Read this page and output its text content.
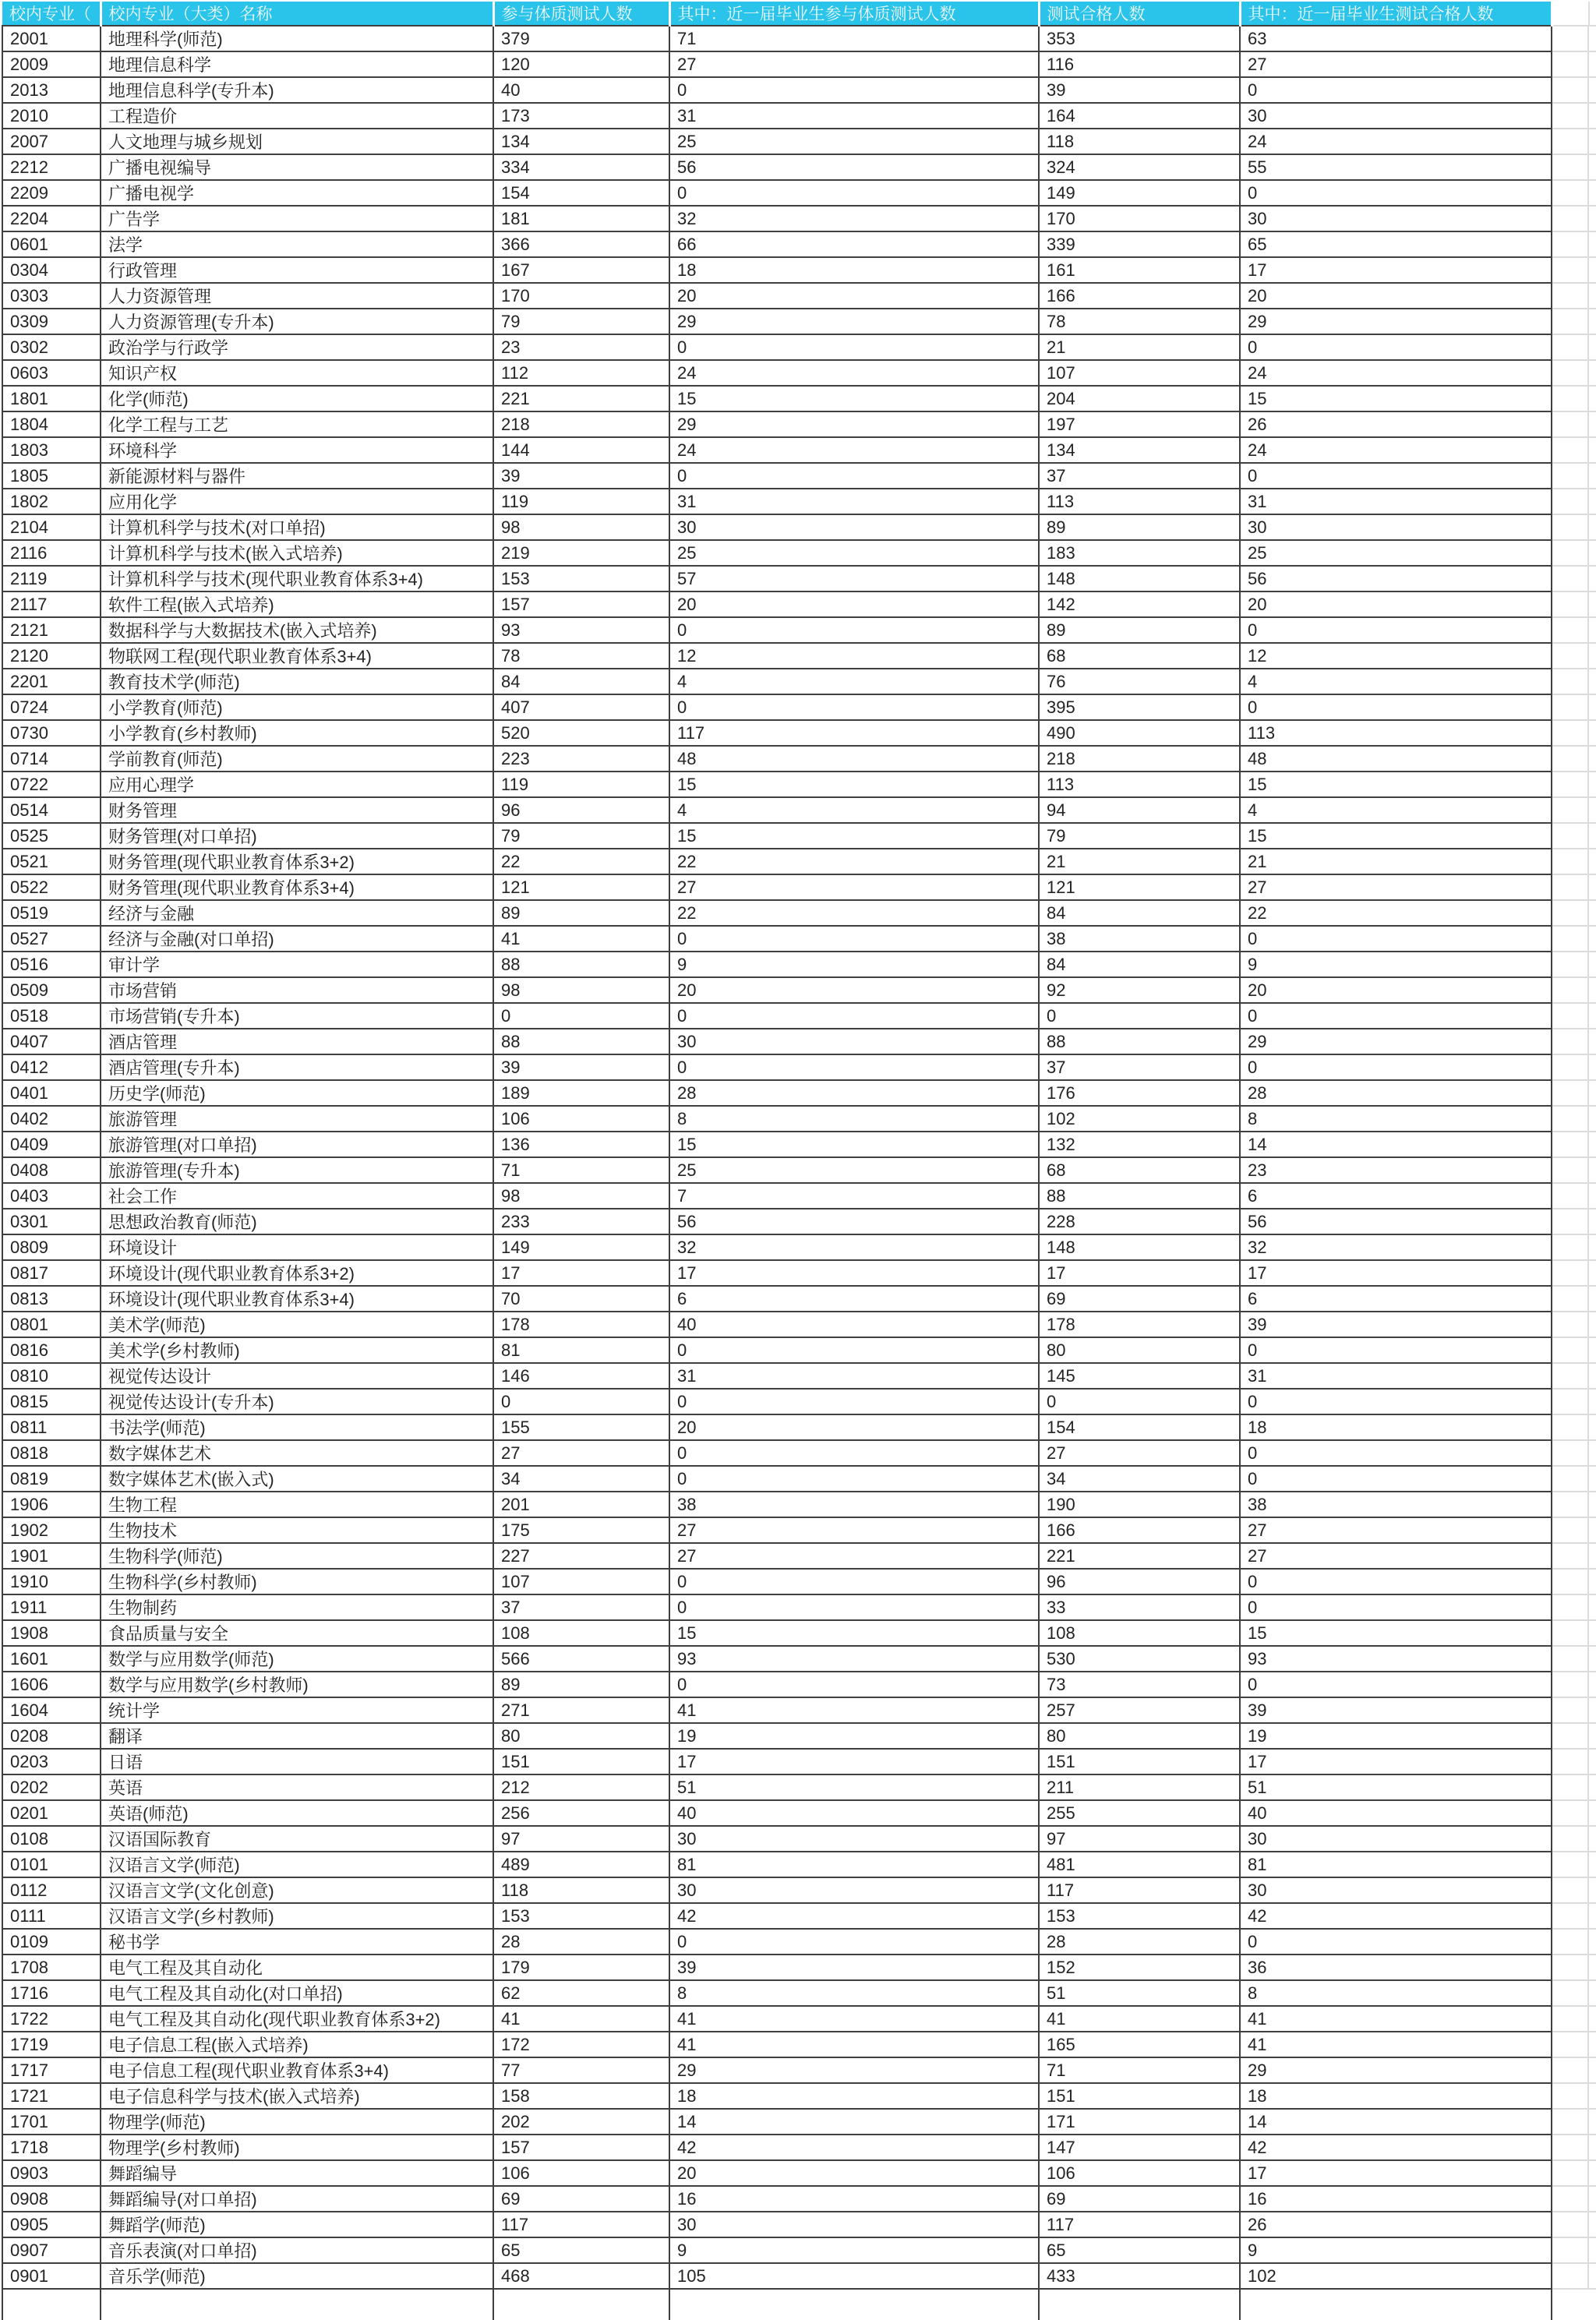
校内专业（	校内专业（大类）名称	参与体质测试人数	其中：近一届毕业生参与体质测试人数	测试合格人数	其中：近一届毕业生测试合格人数	
2001	地理科学(师范)	379	71	353	63	
2009	地理信息科学	120	27	116	27	
2013	地理信息科学(专升本)	40	0	39	0	
2010	工程造价	173	31	164	30	
2007	人文地理与城乡规划	134	25	118	24	
2212	广播电视编导	334	56	324	55	
2209	广播电视学	154	0	149	0	
2204	广告学	181	32	170	30	
0601	法学	366	66	339	65	
0304	行政管理	167	18	161	17	
0303	人力资源管理	170	20	166	20	
0309	人力资源管理(专升本)	79	29	78	29	
0302	政治学与行政学	23	0	21	0	
0603	知识产权	112	24	107	24	
1801	化学(师范)	221	15	204	15	
1804	化学工程与工艺	218	29	197	26	
1803	环境科学	144	24	134	24	
1805	新能源材料与器件	39	0	37	0	
1802	应用化学	119	31	113	31	
2104	计算机科学与技术(对口单招)	98	30	89	30	
2116	计算机科学与技术(嵌入式培养)	219	25	183	25	
2119	计算机科学与技术(现代职业教育体系3+4)	153	57	148	56	
2117	软件工程(嵌入式培养)	157	20	142	20	
2121	数据科学与大数据技术(嵌入式培养)	93	0	89	0	
2120	物联网工程(现代职业教育体系3+4)	78	12	68	12	
2201	教育技术学(师范)	84	4	76	4	
0724	小学教育(师范)	407	0	395	0	
0730	小学教育(乡村教师)	520	117	490	113	
0714	学前教育(师范)	223	48	218	48	
0722	应用心理学	119	15	113	15	
0514	财务管理	96	4	94	4	
0525	财务管理(对口单招)	79	15	79	15	
0521	财务管理(现代职业教育体系3+2)	22	22	21	21	
0522	财务管理(现代职业教育体系3+4)	121	27	121	27	
0519	经济与金融	89	22	84	22	
0527	经济与金融(对口单招)	41	0	38	0	
0516	审计学	88	9	84	9	
0509	市场营销	98	20	92	20	
0518	市场营销(专升本)	0	0	0	0	
0407	酒店管理	88	30	88	29	
0412	酒店管理(专升本)	39	0	37	0	
0401	历史学(师范)	189	28	176	28	
0402	旅游管理	106	8	102	8	
0409	旅游管理(对口单招)	136	15	132	14	
0408	旅游管理(专升本)	71	25	68	23	
0403	社会工作	98	7	88	6	
0301	思想政治教育(师范)	233	56	228	56	
0809	环境设计	149	32	148	32	
0817	环境设计(现代职业教育体系3+2)	17	17	17	17	
0813	环境设计(现代职业教育体系3+4)	70	6	69	6	
0801	美术学(师范)	178	40	178	39	
0816	美术学(乡村教师)	81	0	80	0	
0810	视觉传达设计	146	31	145	31	
0815	视觉传达设计(专升本)	0	0	0	0	
0811	书法学(师范)	155	20	154	18	
0818	数字媒体艺术	27	0	27	0	
0819	数字媒体艺术(嵌入式)	34	0	34	0	
1906	生物工程	201	38	190	38	
1902	生物技术	175	27	166	27	
1901	生物科学(师范)	227	27	221	27	
1910	生物科学(乡村教师)	107	0	96	0	
1911	生物制药	37	0	33	0	
1908	食品质量与安全	108	15	108	15	
1601	数学与应用数学(师范)	566	93	530	93	
1606	数学与应用数学(乡村教师)	89	0	73	0	
1604	统计学	271	41	257	39	
0208	翻译	80	19	80	19	
0203	日语	151	17	151	17	
0202	英语	212	51	211	51	
0201	英语(师范)	256	40	255	40	
0108	汉语国际教育	97	30	97	30	
0101	汉语言文学(师范)	489	81	481	81	
0112	汉语言文学(文化创意)	118	30	117	30	
0111	汉语言文学(乡村教师)	153	42	153	42	
0109	秘书学	28	0	28	0	
1708	电气工程及其自动化	179	39	152	36	
1716	电气工程及其自动化(对口单招)	62	8	51	8	
1722	电气工程及其自动化(现代职业教育体系3+2)	41	41	41	41	
1719	电子信息工程(嵌入式培养)	172	41	165	41	
1717	电子信息工程(现代职业教育体系3+4)	77	29	71	29	
1721	电子信息科学与技术(嵌入式培养)	158	18	151	18	
1701	物理学(师范)	202	14	171	14	
1718	物理学(乡村教师)	157	42	147	42	
0903	舞蹈编导	106	20	106	17	
0908	舞蹈编导(对口单招)	69	16	69	16	
0905	舞蹈学(师范)	117	30	117	26	
0907	音乐表演(对口单招)	65	9	65	9	
0901	音乐学(师范)	468	105	433	102	
